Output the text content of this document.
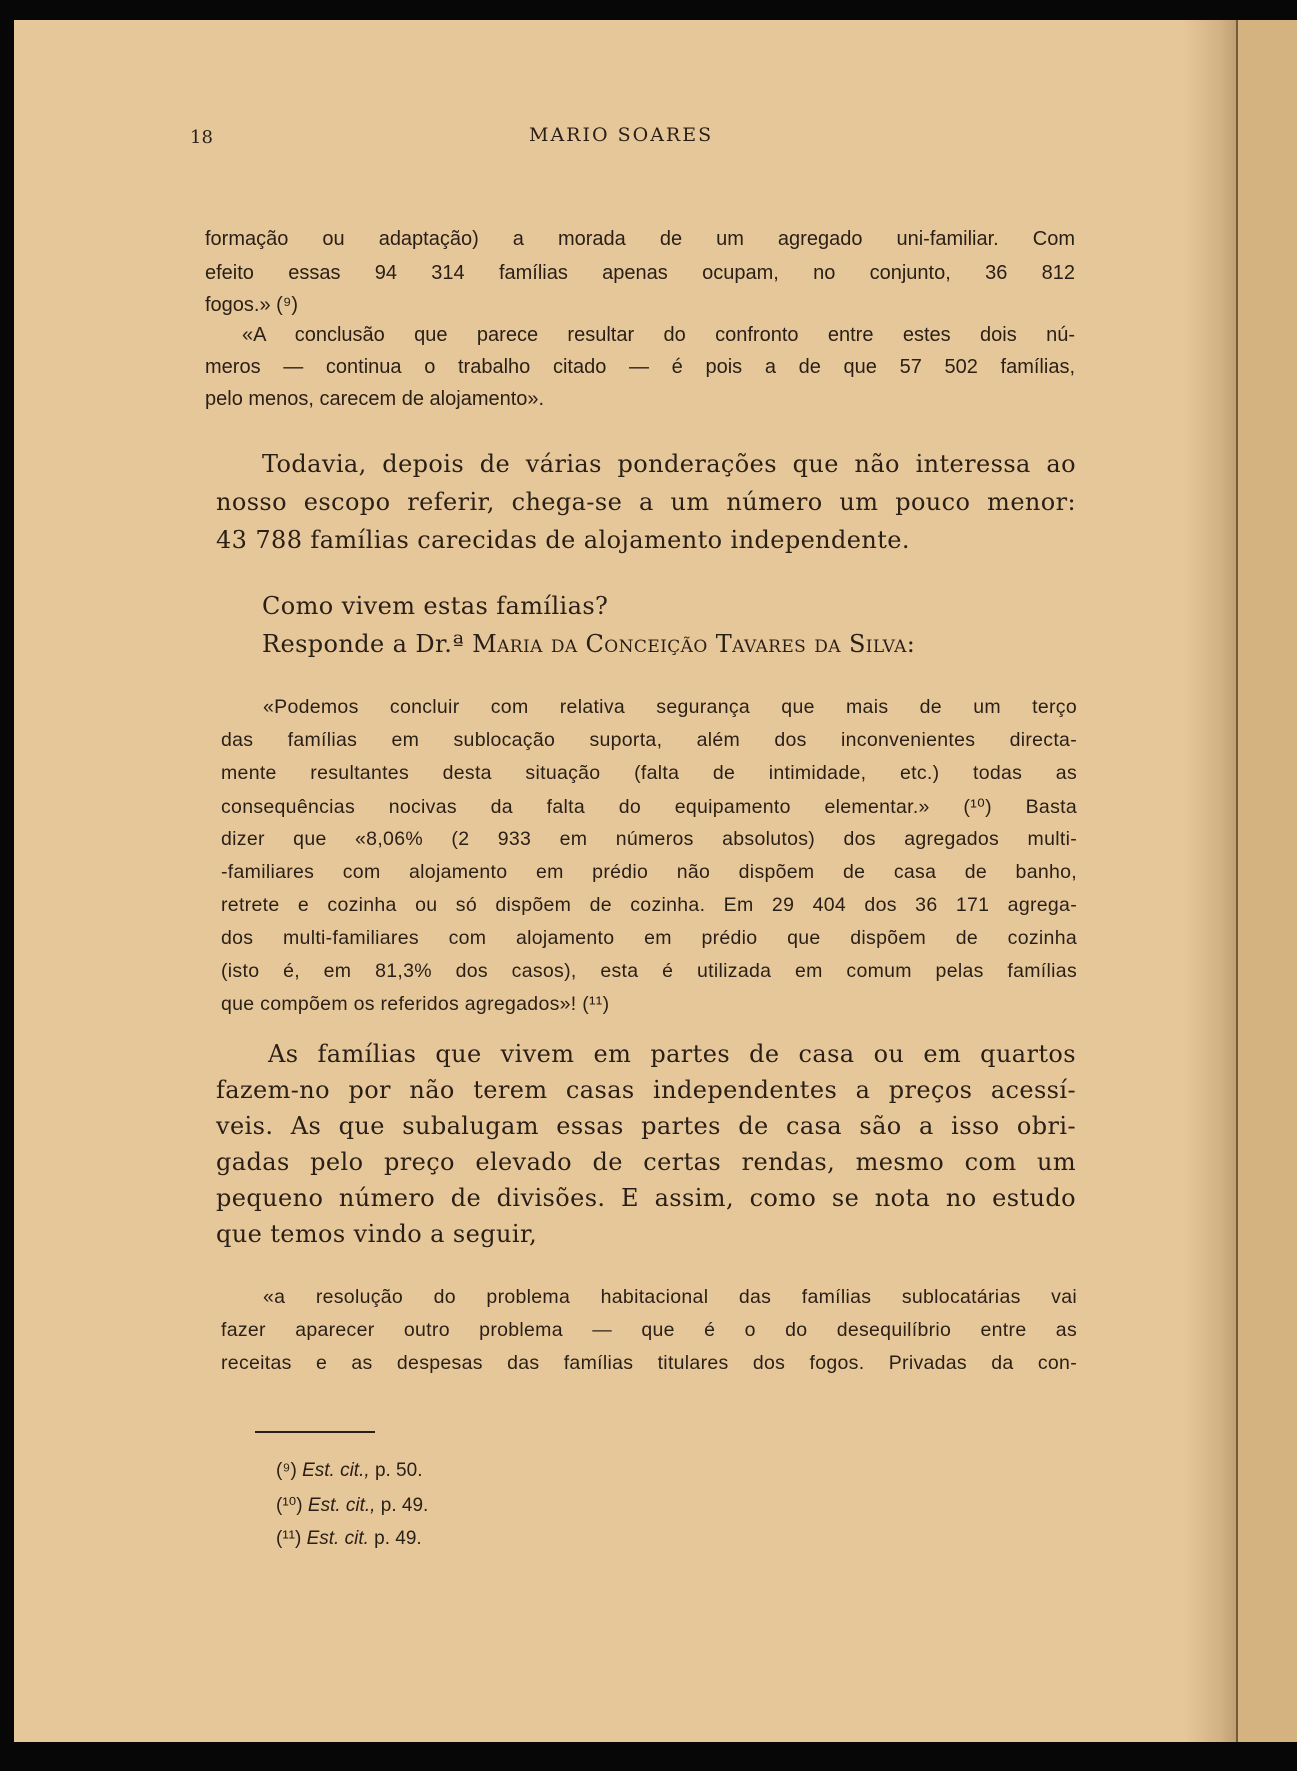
18	MARIO SOARES
formação ou adaptação) a morada de um agregado uni-familiar. Com
efeito essas 94 314 famílias apenas ocupam, no conjunto, 36 812
fogos.» (⁹)
«A conclusão que parece resultar do confronto entre estes dois nú-
meros — continua o trabalho citado — é pois a de que 57 502 famílias,
pelo menos, carecem de alojamento».
Todavia, depois de várias ponderações que não interessa ao
nosso escopo referir, chega-se a um número um pouco menor:
43 788 famílias carecidas de alojamento independente.
Como vivem estas famílias?
Responde a Dr.ª Maria da Conceição Tavares da Silva:
«Podemos concluir com relativa segurança que mais de um terço
das famílias em sublocação suporta, além dos inconvenientes directa-
mente resultantes desta situação (falta de intimidade, etc.) todas as
consequências nocivas da falta do equipamento elementar.» (¹⁰) Basta
dizer que «8,06% (2 933 em números absolutos) dos agregados multi-
-familiares com alojamento em prédio não dispõem de casa de banho,
retrete e cozinha ou só dispõem de cozinha. Em 29 404 dos 36 171 agrega-
dos multi-familiares com alojamento em prédio que dispõem de cozinha
(isto é, em 81,3% dos casos), esta é utilizada em comum pelas famílias
que compõem os referidos agregados»! (¹¹)
As famílias que vivem em partes de casa ou em quartos
fazem-no por não terem casas independentes a preços acessí-
veis. As que subalugam essas partes de casa são a isso obri-
gadas pelo preço elevado de certas rendas, mesmo com um
pequeno número de divisões. E assim, como se nota no estudo
que temos vindo a seguir,
«a resolução do problema habitacional das famílias sublocatárias vai
fazer aparecer outro problema — que é o do desequilíbrio entre as
receitas e as despesas das famílias titulares dos fogos. Privadas da con-
(⁹) Est. cit., p. 50.
(¹⁰) Est. cit., p. 49.
(¹¹) Est. cit. p. 49.
